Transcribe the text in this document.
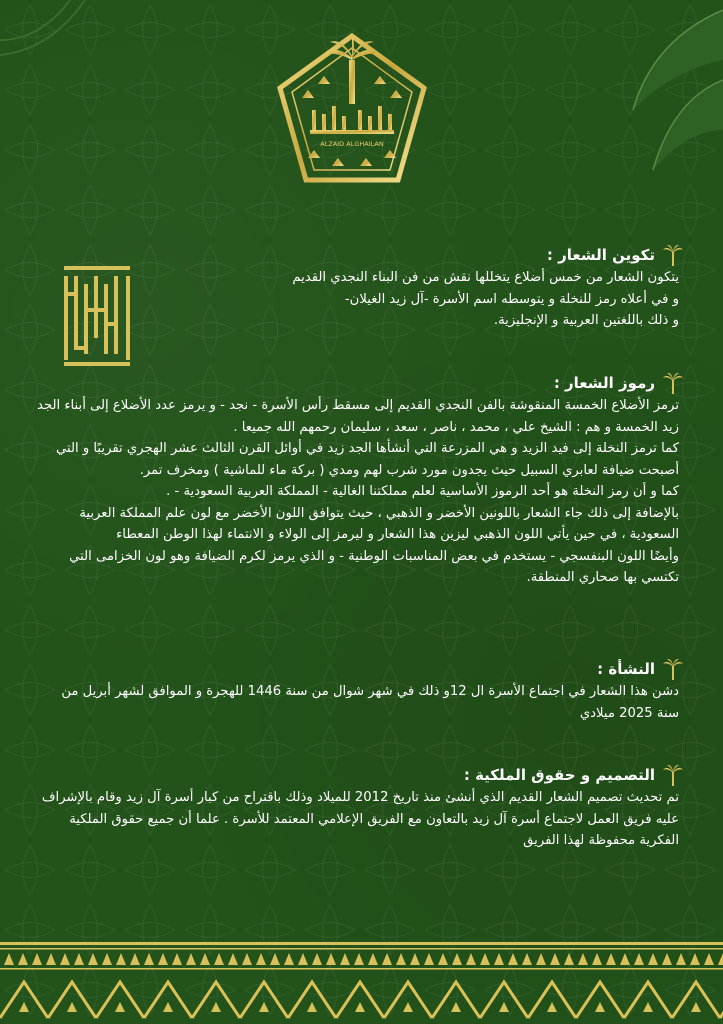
ALZAID ALGHAILAN
تكوين الشعار :

يتكون الشعار من خمس أضلاع يتخللها نقش من فن البناء النجدي القديم

و في أعلاه رمز للنخلة و يتوسطه اسم الأسرة -آل زيد الغيلان-

و ذلك باللغتين العربية و الإنجليزية.

رموز الشعار :

ترمز الأضلاع الخمسة المنقوشة بالفن النجدي القديم إلى مسقط رأس الأسرة - نجد - و يرمز عدد الأضلاع إلى أبناء الجد زيد الخمسة و هم : الشيخ علي ، محمد ، ناصر ، سعد ، سليمان رحمهم الله جميعا .

كما ترمز النخلة إلى فيد الزيد و هي المزرعة التي أنشأها الجد زيد في أوائل القرن الثالث عشر الهجري تقريبًا و التي أصبحت ضيافة لعابري السبيل حيث يجدون مورد شرب لهم ومدي ( بركة ماء للماشية ) ومخرف تمر.

كما و أن رمز النخلة هو أحد الرموز الأساسية لعلم مملكتنا الغالية - المملكة العربية السعودية - .

بالإضافة إلى ذلك جاء الشعار باللونين الأخضر و الذهبي ، حيث يتوافق اللون الأخضر مع لون علم المملكة العربية السعودية ، في حين يأتي اللون الذهبي ليزين هذا الشعار و ليرمز إلى الولاء و الانتماء لهذا الوطن المعطاء

وأيضًا اللون البنفسجي - يستخدم في بعض المناسبات الوطنية - و الذي يرمز لكرم الضيافة وهو لون الخزامى التي تكتسي بها صحاري المنطقة.

النشأة :

دشن هذا الشعار في اجتماع الأسرة ال 12و ذلك في شهر شوال من سنة 1446 للهجرة و الموافق لشهر أبريل من سنة 2025 ميلادي

التصميم و حقوق الملكية :

تم تحديث تصميم الشعار القديم الذي أنشئ منذ تاريخ 2012 للميلاد وذلك باقتراح من كبار أسرة آل زيد وقام بالإشراف عليه فريق العمل لاجتماع أسرة آل زيد بالتعاون مع الفريق الإعلامي المعتمد للأسرة . علما أن جميع حقوق الملكية الفكرية محفوظة لهذا الفريق
